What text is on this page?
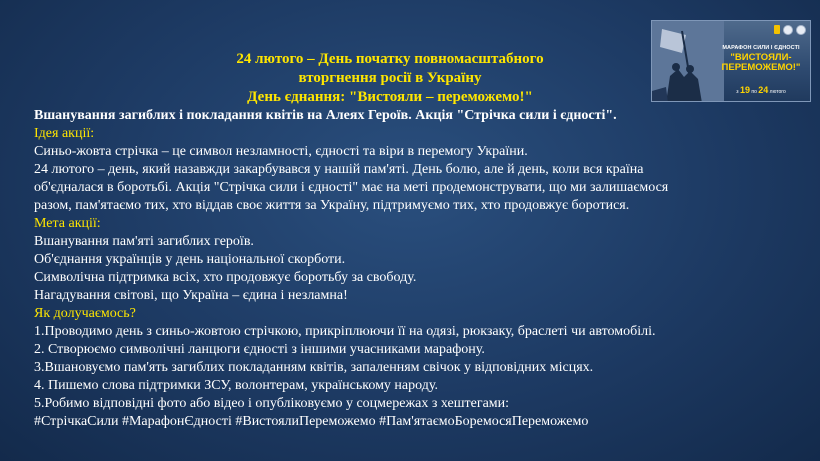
24 лютого – День початку повномасштабного
вторгнення росії в Україну
День єднання: "Вистояли – переможемо!"
МАРАФОН СИЛИ І ЄДНОСТІ
"ВИСТОЯЛИ-
ПЕРЕМОЖЕМО!"
з 19 по 24 лютого
Вшанування загиблих і покладання квітів на Алеях Героїв. Акція "Стрічка сили і єдності".
Ідея акції:
Синьо-жовта стрічка – це символ незламності, єдності та віри в перемогу України.
24 лютого – день, який назавжди закарбувався у нашій пам'яті. День болю, але й день, коли вся країна
об'єдналася в боротьбі. Акція "Стрічка сили і єдності" має на меті продемонструвати, що ми залишаємося
разом, пам'ятаємо тих, хто віддав своє життя за Україну, підтримуємо тих, хто продовжує боротися.
Мета акції:
Вшанування пам'яті загиблих героїв.
Об'єднання українців у день національної скорботи.
Символічна підтримка всіх, хто продовжує боротьбу за свободу.
Нагадування світові, що Україна – єдина і незламна!
Як долучаємось?
1.Проводимо день з синьо-жовтою стрічкою, прикріплюючи її на одязі, рюкзаку, браслеті чи автомобілі.
2. Створюємо символічні ланцюги єдності з іншими учасниками марафону.
3.Вшановуємо пам'ять загиблих покладанням квітів, запаленням свічок у відповідних місцях.
4. Пишемо слова підтримки ЗСУ, волонтерам, українському народу.
5.Робимо відповідні фото або відео і опубліковуємо у соцмережах з хештегами:
#СтрічкаСили #МарафонЄдності #ВистоялиПереможемо #Пам'ятаємоБоремосяПереможемо
